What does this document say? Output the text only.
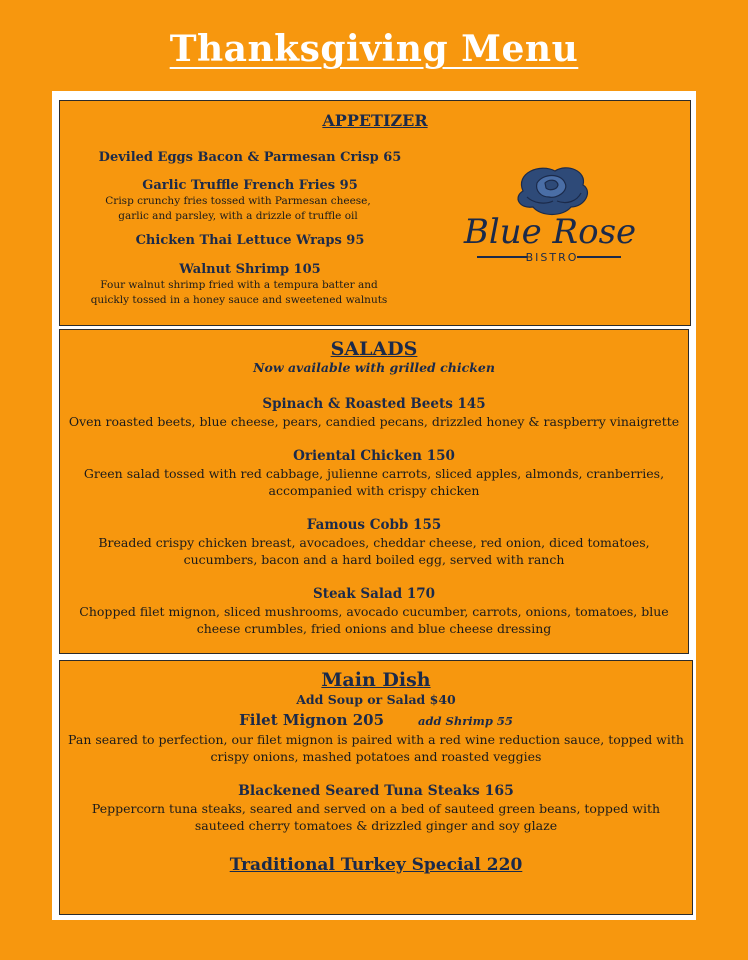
Thanksgiving Menu
APPETIZER
Deviled Eggs Bacon & Parmesan Crisp 65
Garlic Truffle French Fries 95
Crisp crunchy fries tossed with Parmesan cheese, garlic and parsley, with a drizzle of truffle oil
Chicken Thai Lettuce Wraps 95
Walnut Shrimp 105
Four walnut shrimp fried with a tempura batter and quickly tossed in a honey sauce and sweetened walnuts
Blue Rose
BISTRO
SALADS
Now available with grilled chicken
Spinach & Roasted Beets 145
Oven roasted beets, blue cheese, pears, candied pecans, drizzled honey & raspberry vinaigrette
Oriental Chicken 150
Green salad tossed with red cabbage, julienne carrots, sliced apples, almonds, cranberries, accompanied with crispy chicken
Famous Cobb 155
Breaded crispy chicken breast, avocadoes, cheddar cheese, red onion, diced tomatoes, cucumbers, bacon and a hard boiled egg, served with ranch
Steak Salad 170
Chopped filet mignon, sliced mushrooms, avocado cucumber, carrots, onions, tomatoes, blue cheese crumbles, fried onions and blue cheese dressing
Main Dish
Add Soup or Salad $40
Filet Mignon 205	add Shrimp 55
Pan seared to perfection, our filet mignon is paired with a red wine reduction sauce, topped with crispy onions, mashed potatoes and roasted veggies
Blackened Seared Tuna Steaks 165
Peppercorn tuna steaks, seared and served on a bed of sauteed green beans, topped with sauteed cherry tomatoes & drizzled ginger and soy glaze
Traditional Turkey Special 220
